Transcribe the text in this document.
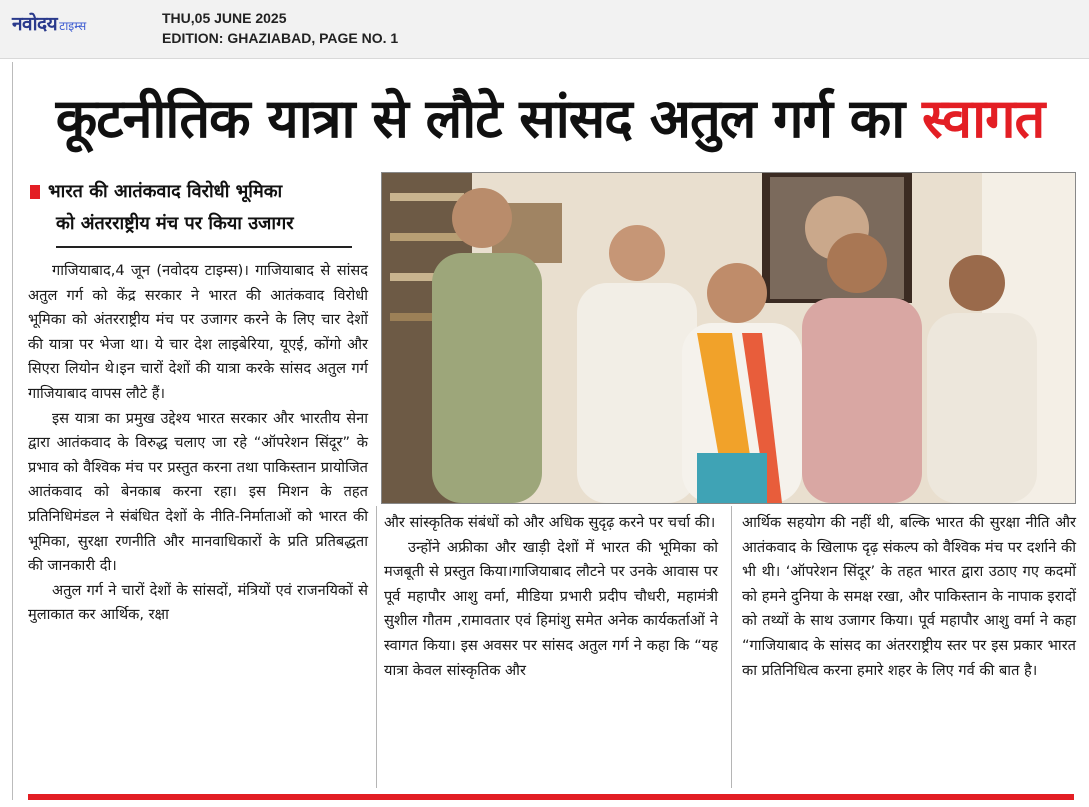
नवोदय टाइम्स	THU,05 JUNE 2025
EDITION: GHAZIABAD, PAGE NO. 1
कूटनीतिक यात्रा से लौटे सांसद अतुल गर्ग का स्वागत
भारत की आतंकवाद विरोधी भूमिका
को अंतरराष्ट्रीय मंच पर किया उजागर

गाजियाबाद,4 जून (नवोदय टाइम्स)। गाजियाबाद से सांसद अतुल गर्ग को केंद्र सरकार ने भारत की आतंकवाद विरोधी भूमिका को अंतरराष्ट्रीय मंच पर उजागर करने के लिए चार देशों की यात्रा पर भेजा था। ये चार देश लाइबेरिया, यूएई, कोंगो और सिएरा लियोन थे।इन चारों देशों की यात्रा करके सांसद अतुल गर्ग गाजियाबाद वापस लौटे हैं।

इस यात्रा का प्रमुख उद्देश्य भारत सरकार और भारतीय सेना द्वारा आतंकवाद के विरुद्ध चलाए जा रहे “ऑपरेशन सिंदूर” के प्रभाव को वैश्विक मंच पर प्रस्तुत करना तथा पाकिस्तान प्रायोजित आतंकवाद को बेनकाब करना रहा। इस मिशन के तहत प्रतिनिधिमंडल ने संबंधित देशों के नीति-निर्माताओं को भारत की भूमिका, सुरक्षा रणनीति और मानवाधिकारों के प्रति प्रतिबद्धता की जानकारी दी।

अतुल गर्ग ने चारों देशों के सांसदों, मंत्रियों एवं राजनयिकों से मुलाकात कर आर्थिक, रक्षा

और सांस्कृतिक संबंधों को और अधिक सुदृढ़ करने पर चर्चा की।

उन्होंने अफ्रीका और खाड़ी देशों में भारत की भूमिका को मजबूती से प्रस्तुत किया।गाजियाबाद लौटने पर उनके आवास पर पूर्व महापौर आशु वर्मा, मीडिया प्रभारी प्रदीप चौधरी, महामंत्री सुशील गौतम ,रामावतार एवं हिमांशु समेत अनेक कार्यकर्ताओं ने स्वागत किया। इस अवसर पर सांसद अतुल गर्ग ने कहा कि “यह यात्रा केवल सांस्कृतिक और

आर्थिक सहयोग की नहीं थी, बल्कि भारत की सुरक्षा नीति और आतंकवाद के खिलाफ दृढ़ संकल्प को वैश्विक मंच पर दर्शाने की भी थी। ‘ऑपरेशन सिंदूर’ के तहत भारत द्वारा उठाए गए कदमों को हमने दुनिया के समक्ष रखा, और पाकिस्तान के नापाक इरादों को तथ्यों के साथ उजागर किया। पूर्व महापौर आशु वर्मा ने कहा “गाजियाबाद के सांसद का अंतरराष्ट्रीय स्तर पर इस प्रकार भारत का प्रतिनिधित्व करना हमारे शहर के लिए गर्व की बात है।
